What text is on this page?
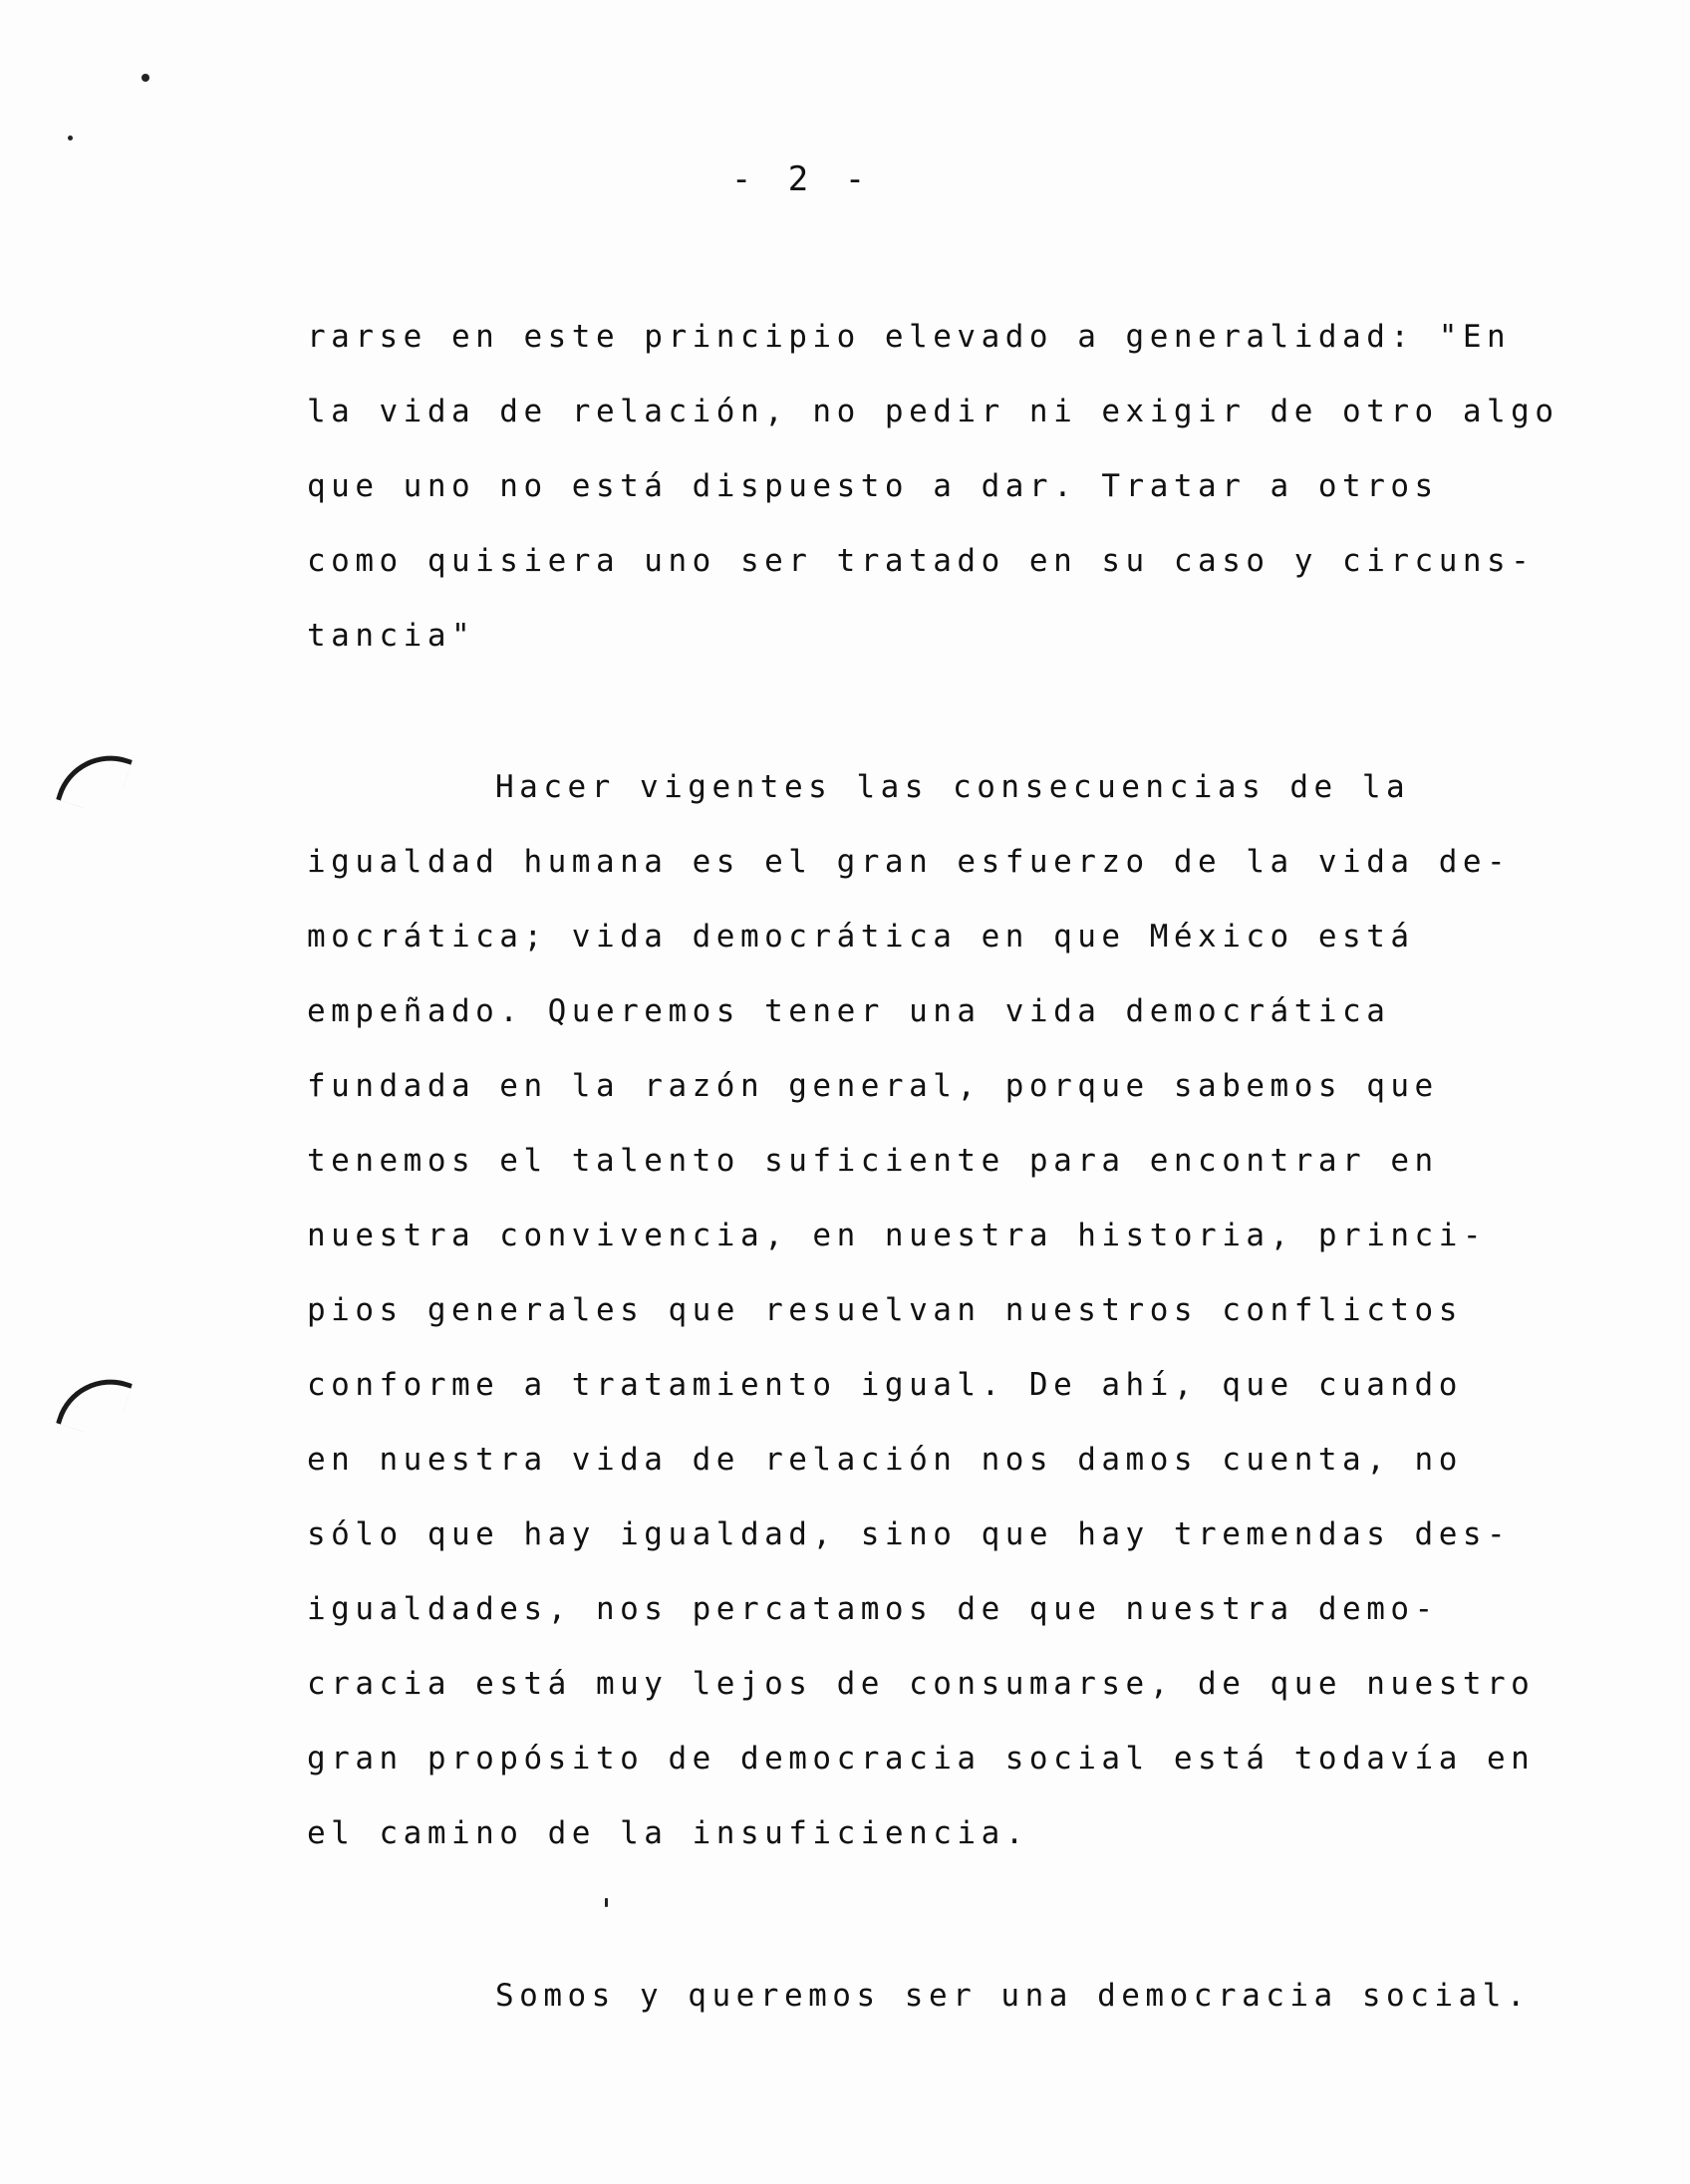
- 2 -
rarse en este principio elevado a generalidad: "En
la vida de relación, no pedir ni exigir de otro algo
que uno no está dispuesto a dar. Tratar a otros
como quisiera uno ser tratado en su caso y circuns-
tancia"
Hacer vigentes las consecuencias de la
igualdad humana es el gran esfuerzo de la vida de-
mocrática; vida democrática en que México está
empeñado. Queremos tener una vida democrática
fundada en la razón general, porque sabemos que
tenemos el talento suficiente para encontrar en
nuestra convivencia, en nuestra historia, princi-
pios generales que resuelvan nuestros conflictos
conforme a tratamiento igual. De ahí, que cuando
en nuestra vida de relación nos damos cuenta, no
sólo que hay igualdad, sino que hay tremendas des-
igualdades, nos percatamos de que nuestra demo-
cracia está muy lejos de consumarse, de que nuestro
gran propósito de democracia social está todavía en
el camino de la insuficiencia.
Somos y queremos ser una democracia social.
